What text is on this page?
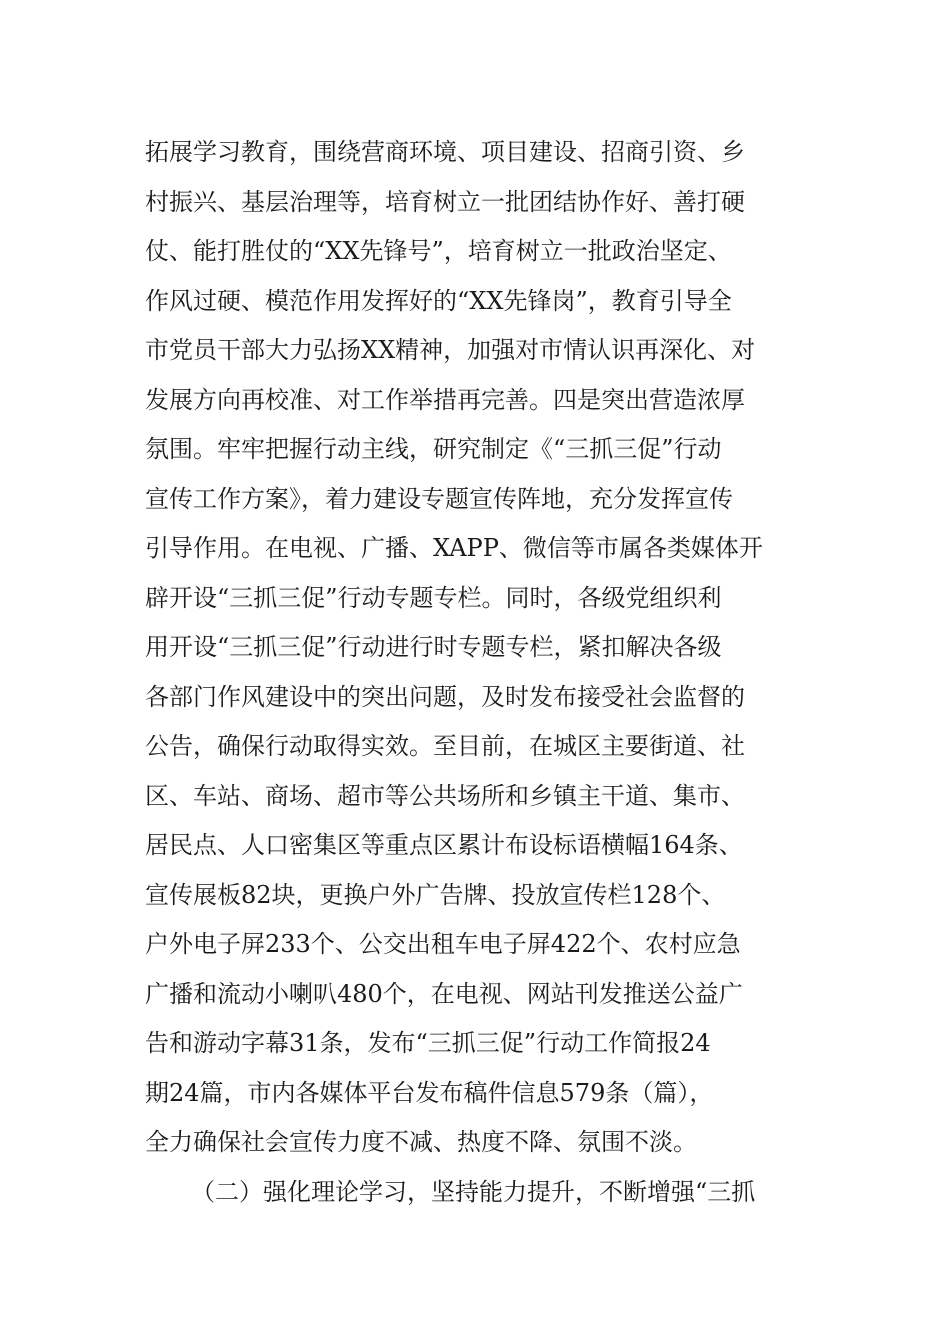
拓展学习教育，围绕营商环境、项目建设、招商引资、乡
村振兴、基层治理等，培育树立一批团结协作好、善打硬
仗、能打胜仗的“XX先锋号”，培育树立一批政治坚定、
作风过硬、模范作用发挥好的“XX先锋岗”，教育引导全
市党员干部大力弘扬XX精神，加强对市情认识再深化、对
发展方向再校准、对工作举措再完善。四是突出营造浓厚
氛围。牢牢把握行动主线，研究制定《“三抓三促”行动
宣传工作方案》，着力建设专题宣传阵地，充分发挥宣传
引导作用。在电视、广播、XAPP、微信等市属各类媒体开
辟开设“三抓三促”行动专题专栏。同时，各级党组织利
用开设“三抓三促”行动进行时专题专栏，紧扣解决各级
各部门作风建设中的突出问题，及时发布接受社会监督的
公告，确保行动取得实效。至目前，在城区主要街道、社
区、车站、商场、超市等公共场所和乡镇主干道、集市、
居民点、人口密集区等重点区累计布设标语横幅164条、
宣传展板82块，更换户外广告牌、投放宣传栏128个、
户外电子屏233个、公交出租车电子屏422个、农村应急
广播和流动小喇叭480个，在电视、网站刊发推送公益广
告和游动字幕31条，发布“三抓三促”行动工作简报24
期24篇，市内各媒体平台发布稿件信息579条（篇），
全力确保社会宣传力度不减、热度不降、氛围不淡。
（二）强化理论学习，坚持能力提升，不断增强“三抓
